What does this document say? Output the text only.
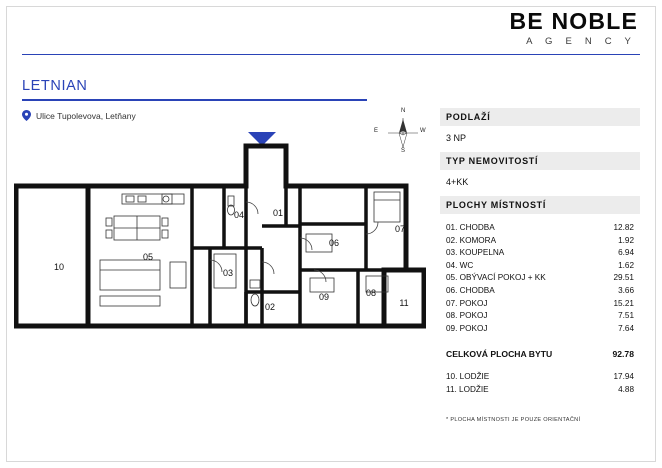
BE NOBLE
A G E N C Y
LETNIAN
Ulice Tupolevova, Letňany	N
S
E	W
01
02
03
04
05
06
07
08
09
10
11
PODLAŽÍ
3 NP
TYP NEMOVITOSTÍ
4+KK
PLOCHY MÍSTNOSTÍ
01. CHODBA	12.82
02. KOMORA	1.92
03. KOUPELNA	6.94
04. WC	1.62
05. OBÝVACÍ POKOJ + KK	29.51
06. CHODBA	3.66
07. POKOJ	15.21
08. POKOJ	7.51
09. POKOJ	7.64
CELKOVÁ PLOCHA BYTU	92.78
10. LODŽIE	17.94
11. LODŽIE	4.88
* PLOCHA MÍSTNOSTI JE POUZE ORIENTAČNÍ
